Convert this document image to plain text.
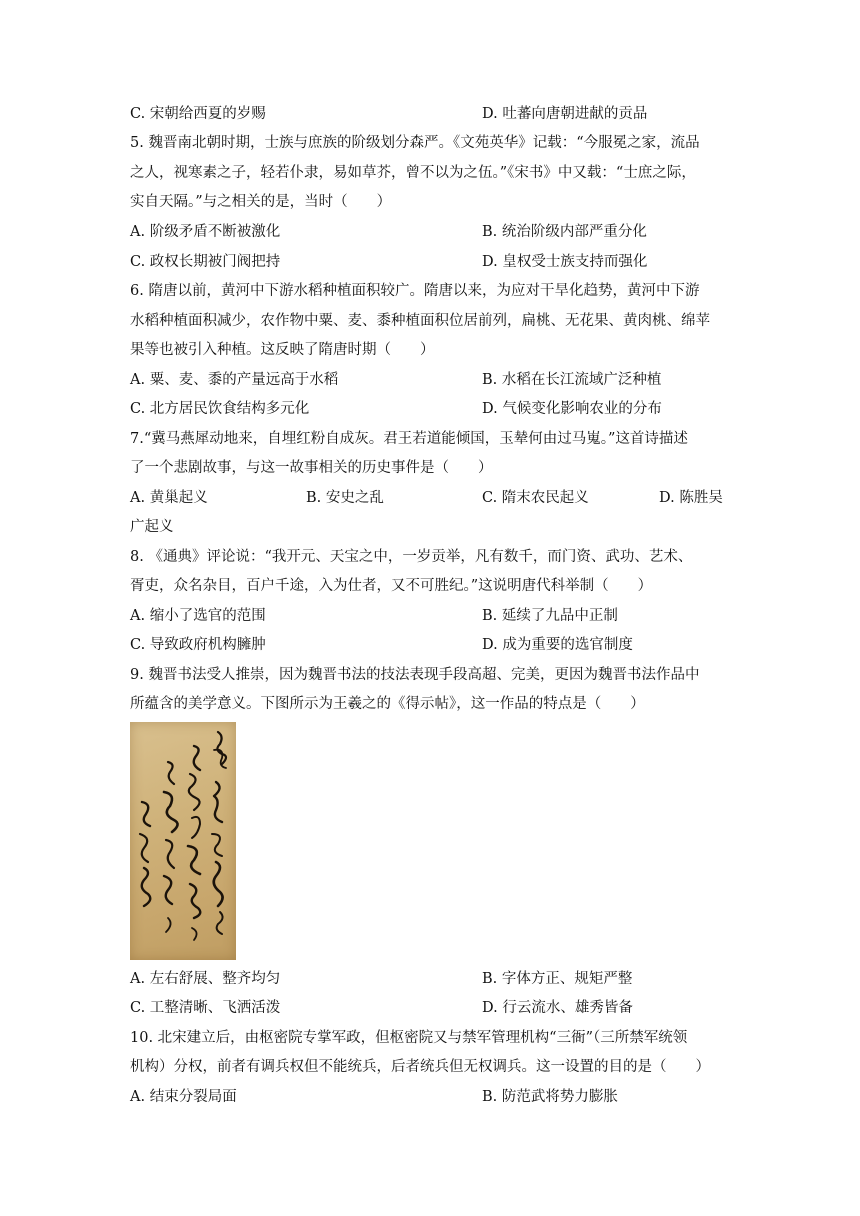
C. 宋朝给西夏的岁赐	D. 吐蕃向唐朝进献的贡品
5. 魏晋南北朝时期，士族与庶族的阶级划分森严。《文苑英华》记载：“今服冕之家，流品
之人，视寒素之子，轻若仆隶，易如草芥，曾不以为之伍。”《宋书》中又载：“士庶之际，
实自天隔。”与之相关的是，当时（　　）
A. 阶级矛盾不断被激化	B. 统治阶级内部严重分化
C. 政权长期被门阀把持	D. 皇权受士族支持而强化
6. 隋唐以前，黄河中下游水稻种植面积较广。隋唐以来，为应对干旱化趋势，黄河中下游
水稻种植面积减少，农作物中粟、麦、黍种植面积位居前列，扁桃、无花果、黄肉桃、绵苹
果等也被引入种植。这反映了隋唐时期（　　）
A. 粟、麦、黍的产量远高于水稻	B. 水稻在长江流域广泛种植
C. 北方居民饮食结构多元化	D. 气候变化影响农业的分布
7.“冀马燕犀动地来，自埋红粉自成灰。君王若道能倾国，玉辇何由过马嵬。”这首诗描述
了一个悲剧故事，与这一故事相关的历史事件是（　　）
A. 黄巢起义	B. 安史之乱	C. 隋末农民起义	D. 陈胜吴
广起义
8. 《通典》评论说：“我开元、天宝之中，一岁贡举，凡有数千，而门资、武功、艺术、
胥吏，众名杂目，百户千途，入为仕者，又不可胜纪。”这说明唐代科举制（　　）
A. 缩小了选官的范围	B. 延续了九品中正制
C. 导致政府机构臃肿	D. 成为重要的选官制度
9. 魏晋书法受人推崇，因为魏晋书法的技法表现手段高超、完美，更因为魏晋书法作品中
所蕴含的美学意义。下图所示为王羲之的《得示帖》，这一作品的特点是（　　）
A. 左右舒展、整齐均匀	B. 字体方正、规矩严整
C. 工整清晰、飞洒活泼	D. 行云流水、雄秀皆备
10. 北宋建立后，由枢密院专掌军政，但枢密院又与禁军管理机构“三衙”（三所禁军统领
机构）分权，前者有调兵权但不能统兵，后者统兵但无权调兵。这一设置的目的是（　　）
A. 结束分裂局面	B. 防范武将势力膨胀
